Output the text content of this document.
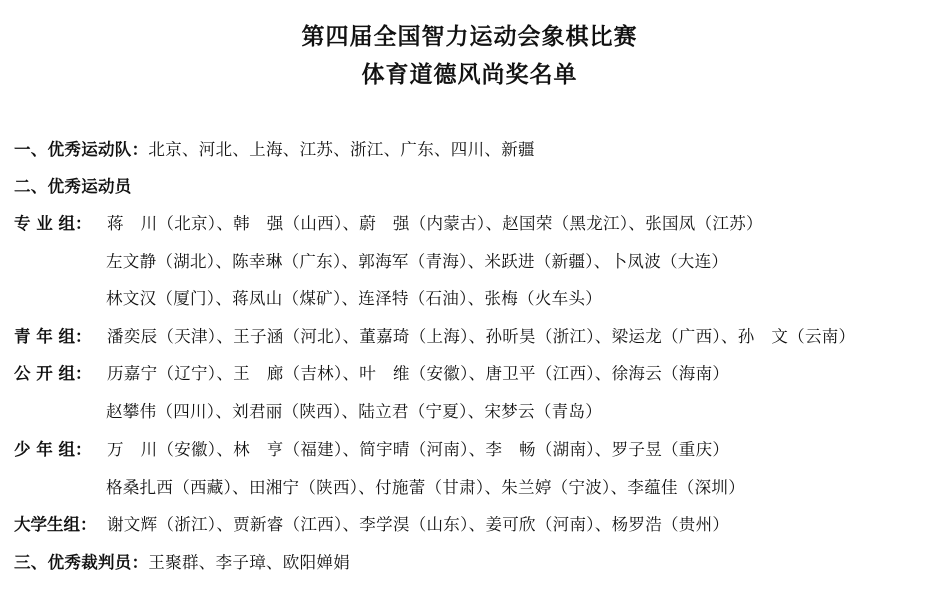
第四届全国智力运动会象棋比赛
体育道德风尚奖名单
一、优秀运动队：北京、河北、上海、江苏、浙江、广东、四川、新疆
二、优秀运动员
专 业 组： 蒋　川（北京）、韩　强（山西）、蔚　强（内蒙古）、赵国荣（黑龙江）、张国凤（江苏）
左文静（湖北）、陈幸琳（广东）、郭海军（青海）、米跃进（新疆）、卜凤波（大连）
林文汉（厦门）、蒋凤山（煤矿）、连泽特（石油）、张梅（火车头）
青 年 组： 潘奕辰（天津）、王子涵（河北）、董嘉琦（上海）、孙昕昊（浙江）、梁运龙（广西）、孙　文（云南）
公 开 组： 历嘉宁（辽宁）、王　廊（吉林）、叶　维（安徽）、唐卫平（江西）、徐海云（海南）
赵攀伟（四川）、刘君丽（陕西）、陆立君（宁夏）、宋梦云（青岛）
少 年 组： 万　川（安徽）、林　亨（福建）、简宇晴（河南）、李　畅（湖南）、罗子昱（重庆）
格桑扎西（西藏）、田湘宁（陕西）、付施蕾（甘肃）、朱兰婷（宁波）、李蕴佳（深圳）
大学生组： 谢文辉（浙江）、贾新睿（江西）、李学淏（山东）、姜可欣（河南）、杨罗浩（贵州）
三、优秀裁判员：王聚群、李子璋、欧阳婵娟
